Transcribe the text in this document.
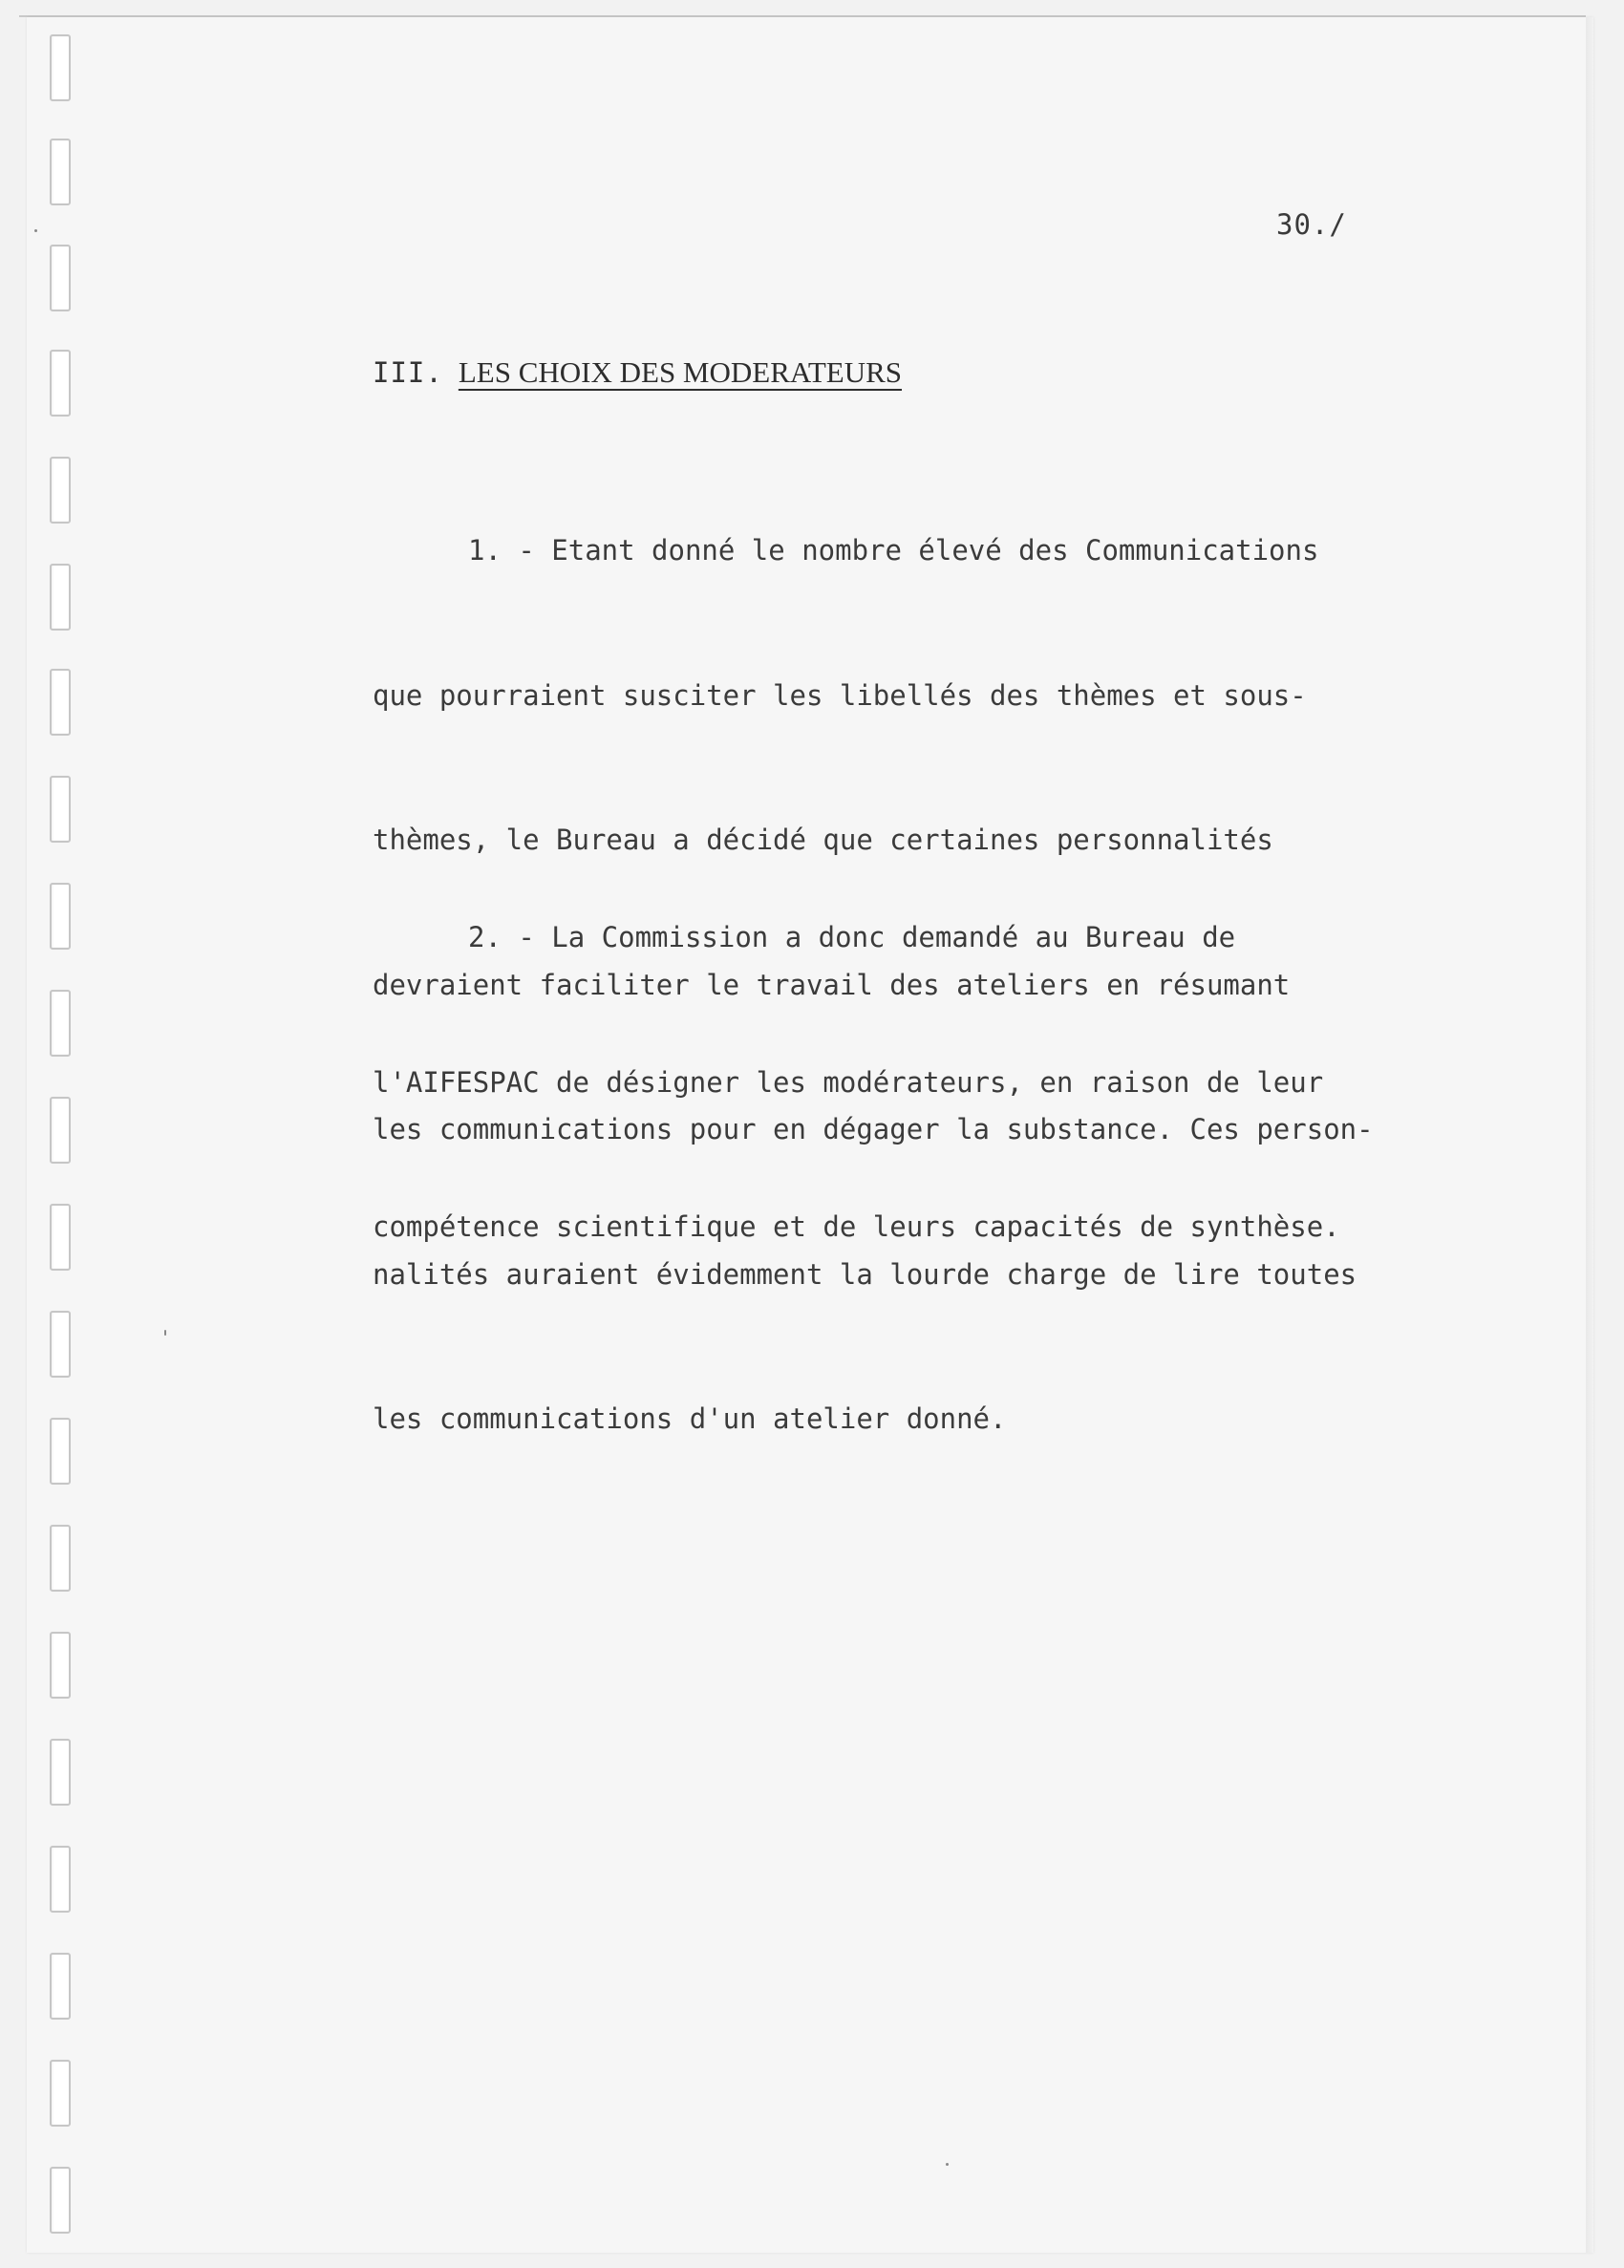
30./
III. LES CHOIX DES MODERATEURS

1. - Etant donné le nombre élevé des Communications

que pourraient susciter les libellés des thèmes et sous-

thèmes, le Bureau a décidé que certaines personnalités

devraient faciliter le travail des ateliers en résumant

les communications pour en dégager la substance. Ces person-

nalités auraient évidemment la lourde charge de lire toutes

les communications d'un atelier donné.

2. - La Commission a donc demandé au Bureau de

l'AIFESPAC de désigner les modérateurs, en raison de leur

compétence scientifique et de leurs capacités de synthèse.
